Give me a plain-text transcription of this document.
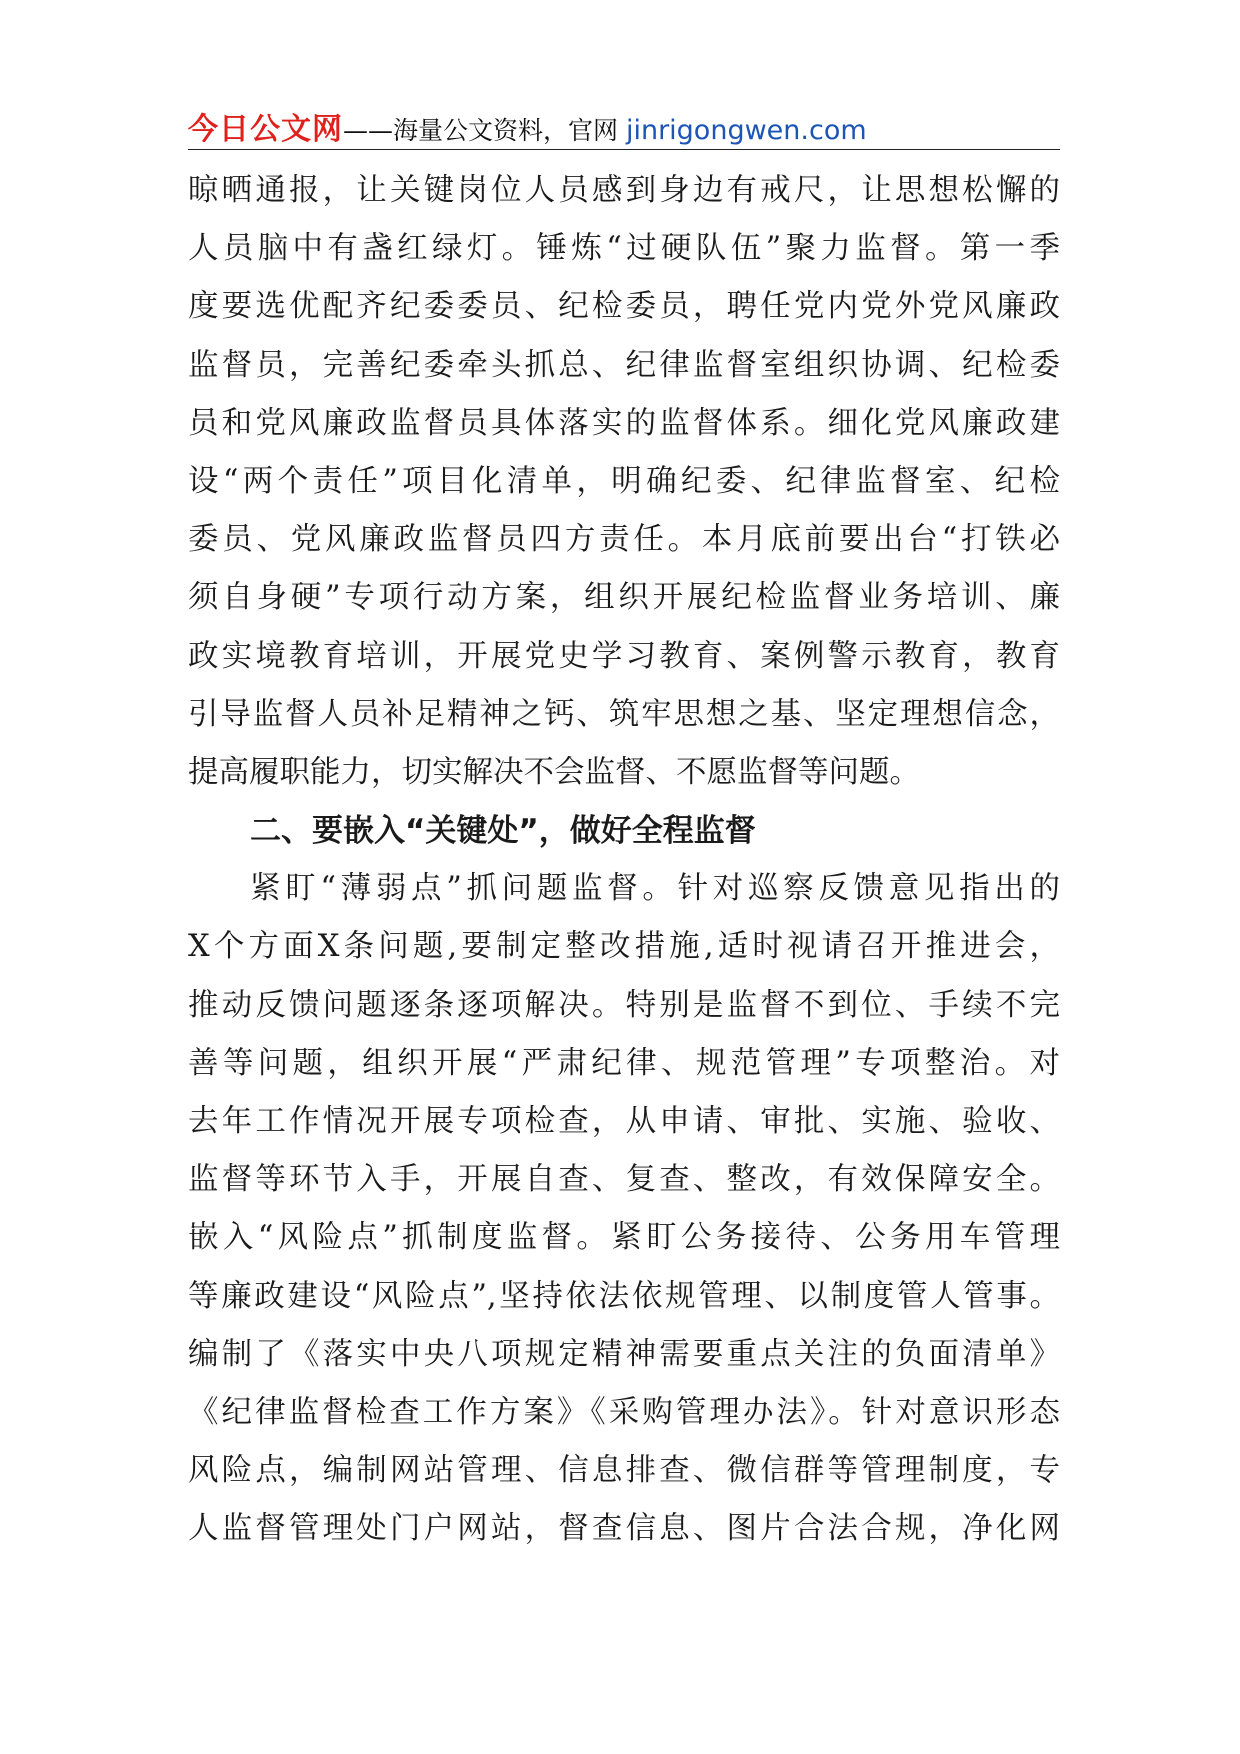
今日公文网——海量公文资料，官网 jinrigongwen.com
晾晒通报，让关键岗位人员感到身边有戒尺，让思想松懈的
人员脑中有盏红绿灯。锤炼“过硬队伍”聚力监督。第一季
度要选优配齐纪委委员、纪检委员，聘任党内党外党风廉政
监督员，完善纪委牵头抓总、纪律监督室组织协调、纪检委
员和党风廉政监督员具体落实的监督体系。细化党风廉政建
设“两个责任”项目化清单，明确纪委、纪律监督室、纪检
委员、党风廉政监督员四方责任。本月底前要出台“打铁必
须自身硬”专项行动方案，组织开展纪检监督业务培训、廉
政实境教育培训，开展党史学习教育、案例警示教育，教育
引导监督人员补足精神之钙、筑牢思想之基、坚定理想信念，
提高履职能力，切实解决不会监督、不愿监督等问题。
二、要嵌入“关键处”，做好全程监督
紧盯“薄弱点”抓问题监督。针对巡察反馈意见指出的
X个方面X条问题,要制定整改措施,适时视请召开推进会，
推动反馈问题逐条逐项解决。特别是监督不到位、手续不完
善等问题，组织开展“严肃纪律、规范管理”专项整治。对
去年工作情况开展专项检查，从申请、审批、实施、验收、
监督等环节入手，开展自查、复查、整改，有效保障安全。
嵌入“风险点”抓制度监督。紧盯公务接待、公务用车管理
等廉政建设“风险点”,坚持依法依规管理、以制度管人管事。
编制了《落实中央八项规定精神需要重点关注的负面清单》
《纪律监督检查工作方案》《采购管理办法》。针对意识形态
风险点，编制网站管理、信息排查、微信群等管理制度，专
人监督管理处门户网站，督查信息、图片合法合规，净化网
